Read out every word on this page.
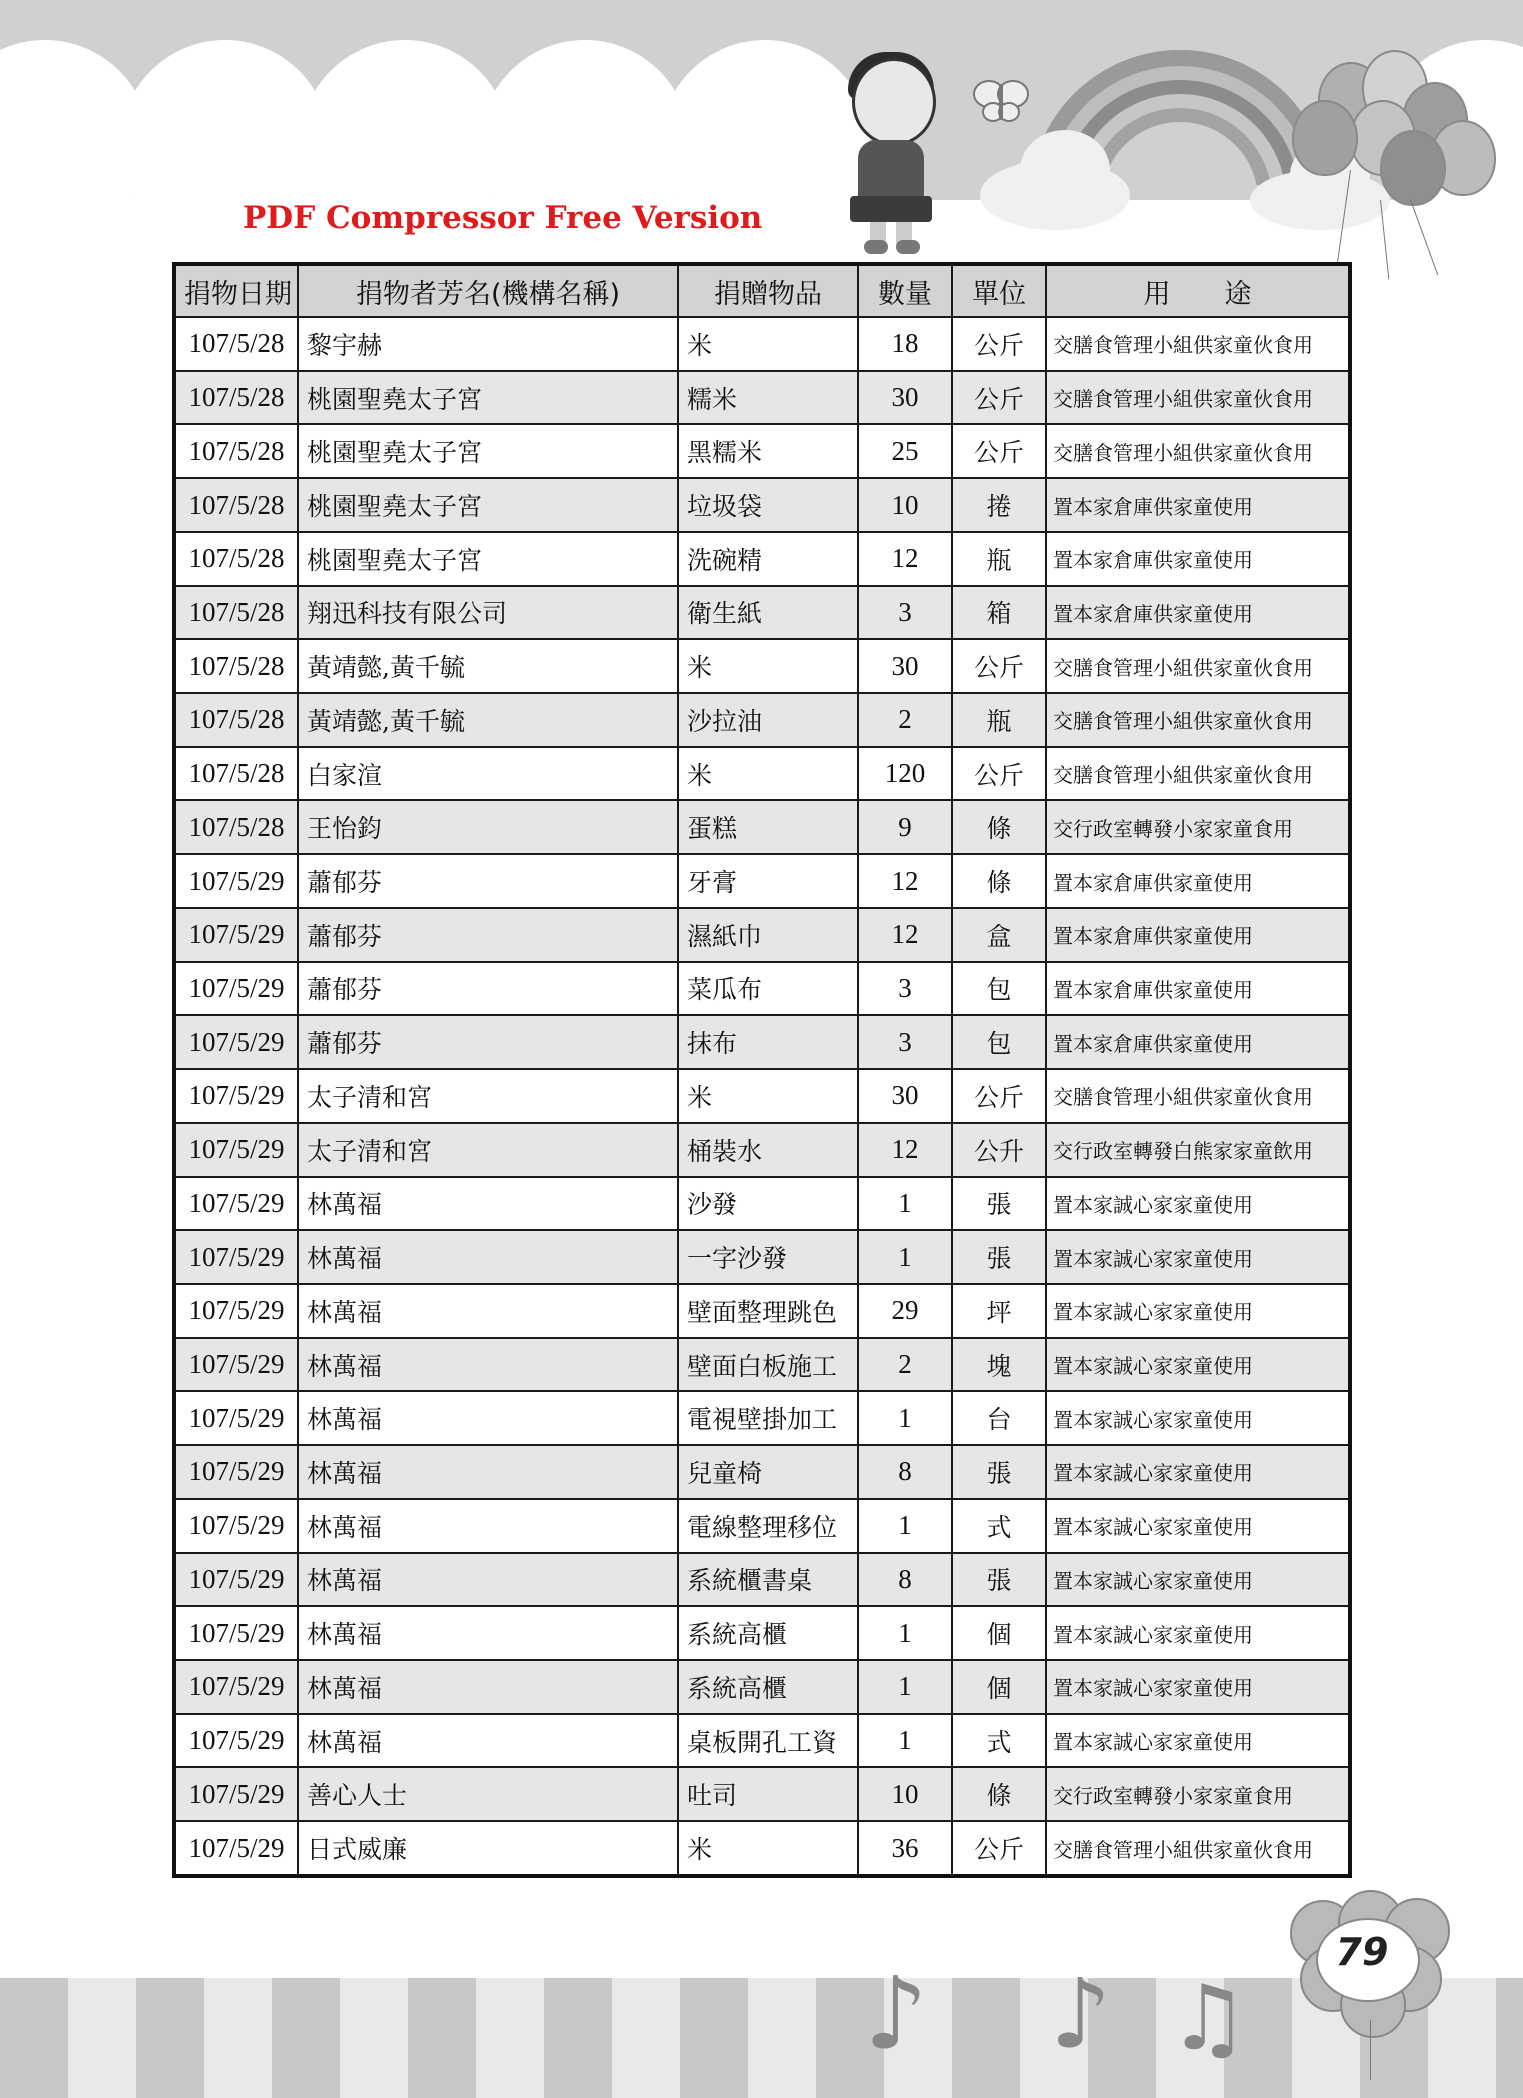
PDF Compressor Free Version
捐物日期	捐物者芳名(機構名稱)	捐贈物品	數量	單位	用　　途
107/5/28	黎宇赫	米	18	公斤	交膳食管理小組供家童伙食用
107/5/28	桃園聖堯太子宮	糯米	30	公斤	交膳食管理小組供家童伙食用
107/5/28	桃園聖堯太子宮	黑糯米	25	公斤	交膳食管理小組供家童伙食用
107/5/28	桃園聖堯太子宮	垃圾袋	10	捲	置本家倉庫供家童使用
107/5/28	桃園聖堯太子宮	洗碗精	12	瓶	置本家倉庫供家童使用
107/5/28	翔迅科技有限公司	衛生紙	3	箱	置本家倉庫供家童使用
107/5/28	黃靖懿,黃千毓	米	30	公斤	交膳食管理小組供家童伙食用
107/5/28	黃靖懿,黃千毓	沙拉油	2	瓶	交膳食管理小組供家童伙食用
107/5/28	白家渲	米	120	公斤	交膳食管理小組供家童伙食用
107/5/28	王怡鈞	蛋糕	9	條	交行政室轉發小家家童食用
107/5/29	蕭郁芬	牙膏	12	條	置本家倉庫供家童使用
107/5/29	蕭郁芬	濕紙巾	12	盒	置本家倉庫供家童使用
107/5/29	蕭郁芬	菜瓜布	3	包	置本家倉庫供家童使用
107/5/29	蕭郁芬	抹布	3	包	置本家倉庫供家童使用
107/5/29	太子清和宮	米	30	公斤	交膳食管理小組供家童伙食用
107/5/29	太子清和宮	桶裝水	12	公升	交行政室轉發白熊家家童飲用
107/5/29	林萬福	沙發	1	張	置本家誠心家家童使用
107/5/29	林萬福	一字沙發	1	張	置本家誠心家家童使用
107/5/29	林萬福	壁面整理跳色	29	坪	置本家誠心家家童使用
107/5/29	林萬福	壁面白板施工	2	塊	置本家誠心家家童使用
107/5/29	林萬福	電視壁掛加工	1	台	置本家誠心家家童使用
107/5/29	林萬福	兒童椅	8	張	置本家誠心家家童使用
107/5/29	林萬福	電線整理移位	1	式	置本家誠心家家童使用
107/5/29	林萬福	系統櫃書桌	8	張	置本家誠心家家童使用
107/5/29	林萬福	系統高櫃	1	個	置本家誠心家家童使用
107/5/29	林萬福	系統高櫃	1	個	置本家誠心家家童使用
107/5/29	林萬福	桌板開孔工資	1	式	置本家誠心家家童使用
107/5/29	善心人士	吐司	10	條	交行政室轉發小家家童食用
107/5/29	日式威廉	米	36	公斤	交膳食管理小組供家童伙食用
♪ ♪ ♫
79
